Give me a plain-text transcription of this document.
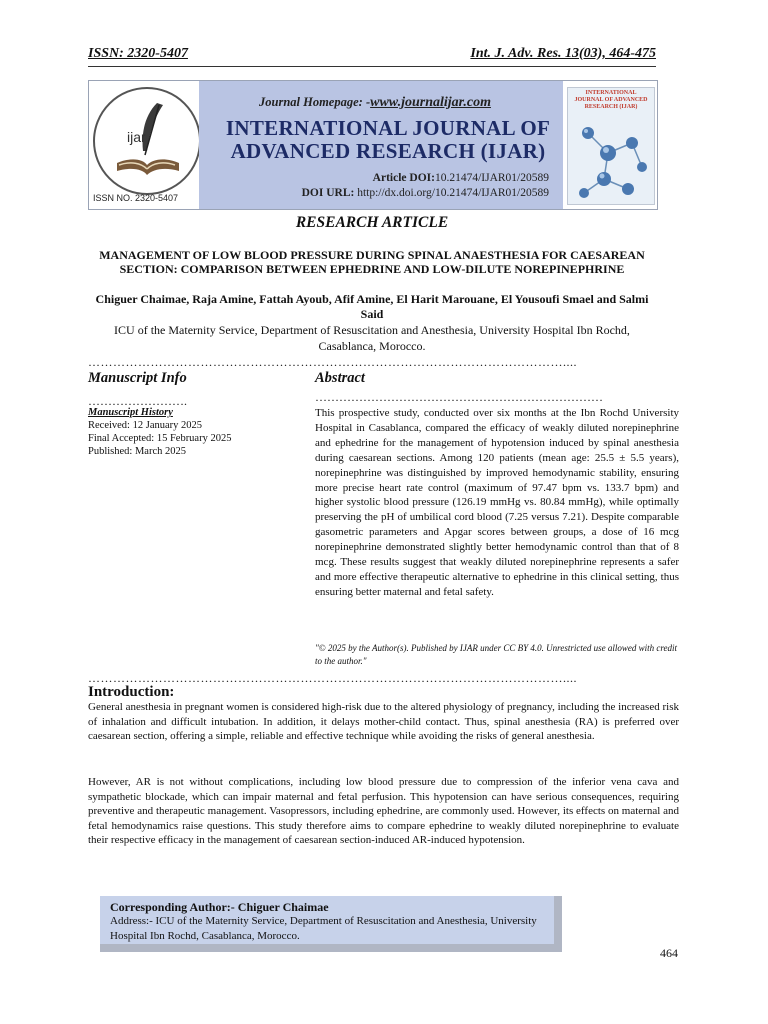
ISSN: 2320-5407	Int. J. Adv. Res. 13(03), 464-475
ijar
ISSN NO. 2320-5407
Journal Homepage: -www.journalijar.com
INTERNATIONAL JOURNAL OF
ADVANCED RESEARCH (IJAR)
Article DOI:10.21474/IJAR01/20589
DOI URL: http://dx.doi.org/10.21474/IJAR01/20589
INTERNATIONAL JOURNAL OF ADVANCED RESEARCH (IJAR)
RESEARCH ARTICLE
MANAGEMENT OF LOW BLOOD PRESSURE DURING SPINAL ANAESTHESIA FOR CAESAREAN SECTION: COMPARISON BETWEEN EPHEDRINE AND LOW-DILUTE NOREPINEPHRINE
Chiguer Chaimae, Raja Amine, Fattah Ayoub, Afif Amine, El Harit Marouane, El Yousoufi Smael and Salmi Said
ICU of the Maternity Service, Department of Resuscitation and Anesthesia, University Hospital Ibn Rochd, Casablanca, Morocco.
……………………………………………………………………………………………………....
Manuscript Info	Abstract
…………………….	………………………………………………………………
Manuscript History
Received: 12 January 2025
Final Accepted: 15 February 2025
Published: March 2025
This prospective study, conducted over six months at the Ibn Rochd University Hospital in Casablanca, compared the efficacy of weakly diluted norepinephrine and ephedrine for the management of hypotension induced by spinal anesthesia during caesarean sections. Among 120 patients (mean age: 25.5 ± 5.5 years), norepinephrine was distinguished by improved hemodynamic stability, ensuring more precise heart rate control (maximum of 97.47 bpm vs. 133.7 bpm) and higher systolic blood pressure (126.19 mmHg vs. 80.84 mmHg), while optimally preserving the pH of umbilical cord blood (7.25 versus 7.21). Despite comparable gasometric parameters and Apgar scores between groups, a dose of 16 mcg norepinephrine demonstrated slightly better hemodynamic control than that of 8 mcg. These results suggest that weakly diluted norepinephrine represents a safer and more effective therapeutic alternative to ephedrine in this clinical setting, thus ensuring better maternal and fetal safety.
"© 2025 by the Author(s). Published by IJAR under CC BY 4.0. Unrestricted use allowed with credit to the author."
……………………………………………………………………………………………………....
Introduction:
General anesthesia in pregnant women is considered high-risk due to the altered physiology of pregnancy, including the increased risk of inhalation and difficult intubation. In addition, it delays mother-child contact. Thus, spinal anesthesia (RA) is preferred over caesarean section, offering a simple, reliable and effective technique while avoiding the risks of general anesthesia.
However, AR is not without complications, including low blood pressure due to compression of the inferior vena cava and sympathetic blockade, which can impair maternal and fetal perfusion. This hypotension can have serious consequences, requiring preventive and therapeutic management. Vasopressors, including ephedrine, are commonly used. However, its effects on maternal and fetal hemodynamics raise questions. This study therefore aims to compare ephedrine to weakly diluted norepinephrine to evaluate their respective efficacy in the management of caesarean section-induced AR-induced hypotension.
Corresponding Author:- Chiguer Chaimae
Address:- ICU of the Maternity Service, Department of Resuscitation and Anesthesia, University Hospital Ibn Rochd, Casablanca, Morocco.
464
